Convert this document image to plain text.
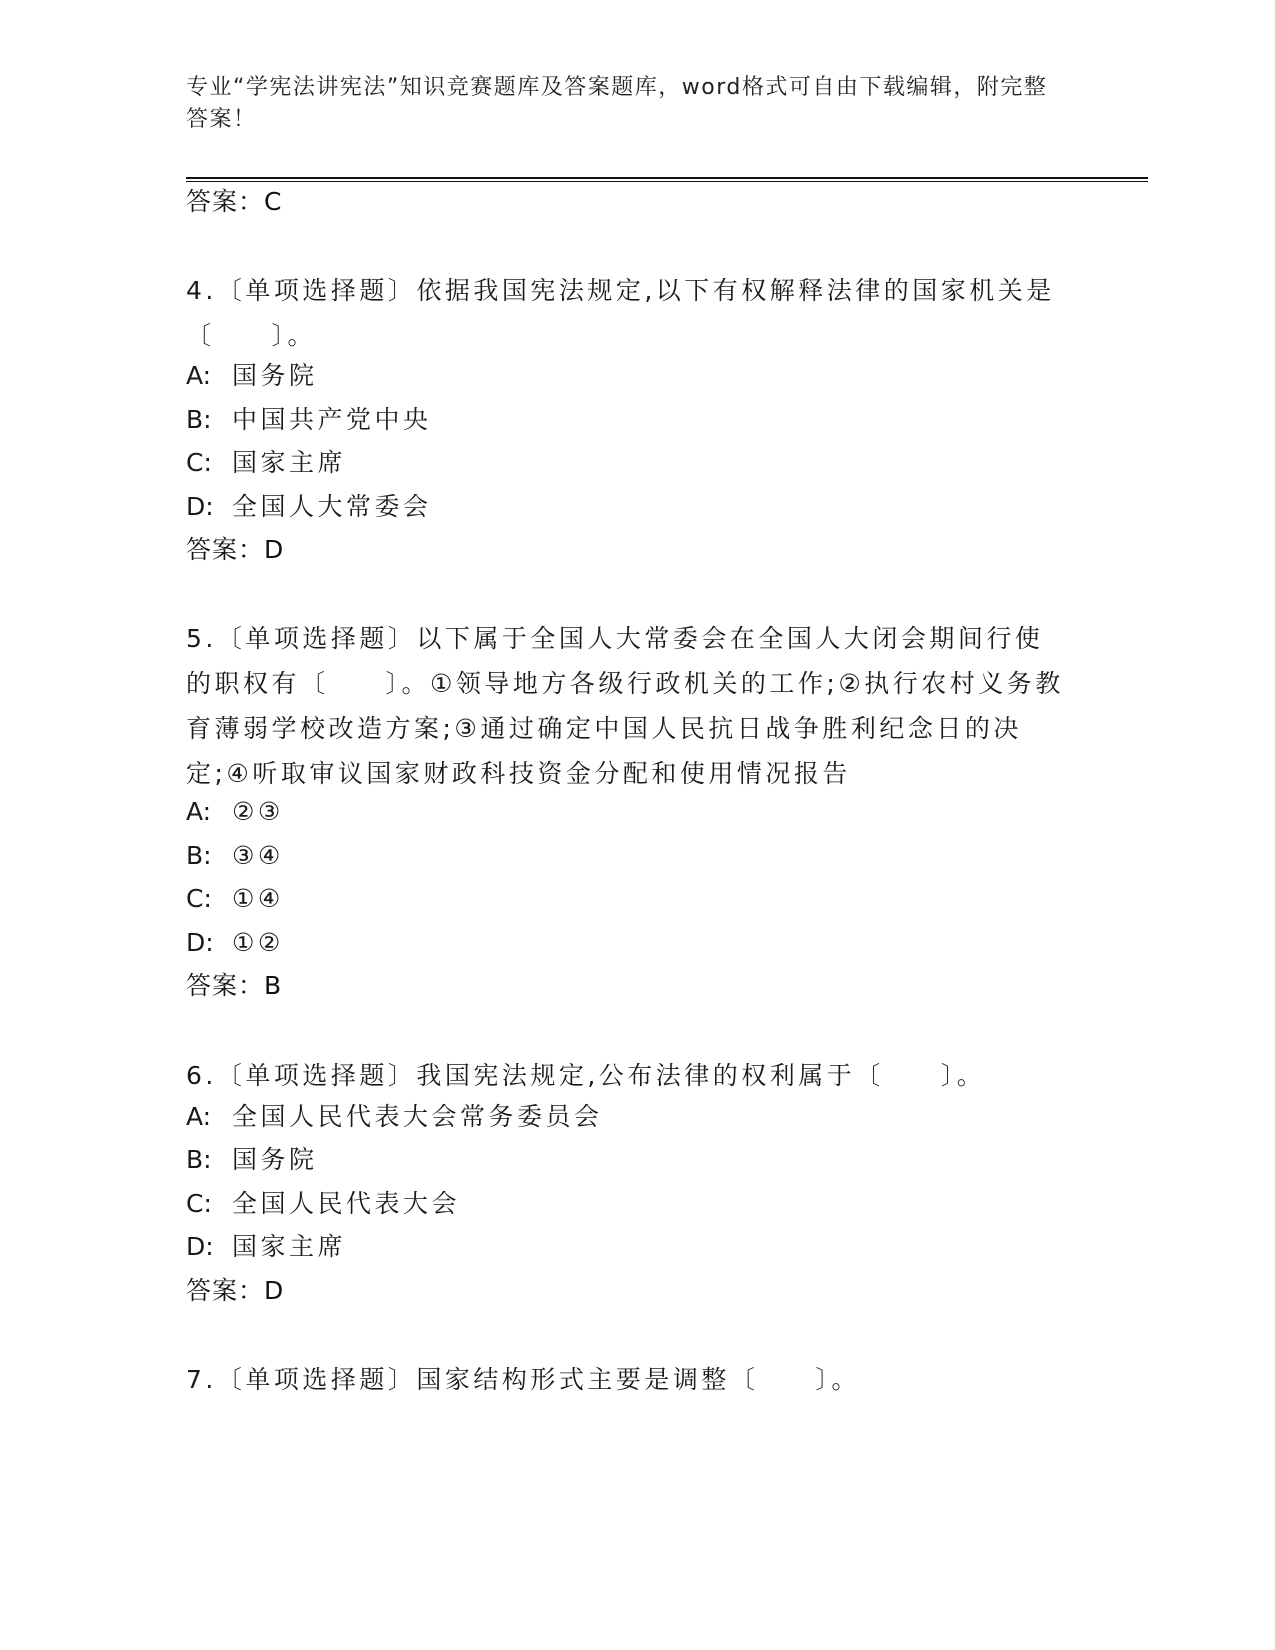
专业“学宪法讲宪法”知识竞赛题库及答案题库，word格式可自由下载编辑，附完整答案！
答案：C
4.〔单项选择题〕依据我国宪法规定,以下有权解释法律的国家机关是〔　　〕。
A: 国务院
B: 中国共产党中央
C: 国家主席
D: 全国人大常委会
答案：D
5.〔单项选择题〕以下属于全国人大常委会在全国人大闭会期间行使的职权有〔　　〕。①领导地方各级行政机关的工作;②执行农村义务教育薄弱学校改造方案;③通过确定中国人民抗日战争胜利纪念日的决定;④听取审议国家财政科技资金分配和使用情况报告
A: ②③
B: ③④
C: ①④
D: ①②
答案：B
6.〔单项选择题〕我国宪法规定,公布法律的权利属于〔　　〕。
A: 全国人民代表大会常务委员会
B: 国务院
C: 全国人民代表大会
D: 国家主席
答案：D
7.〔单项选择题〕国家结构形式主要是调整〔　　〕。
